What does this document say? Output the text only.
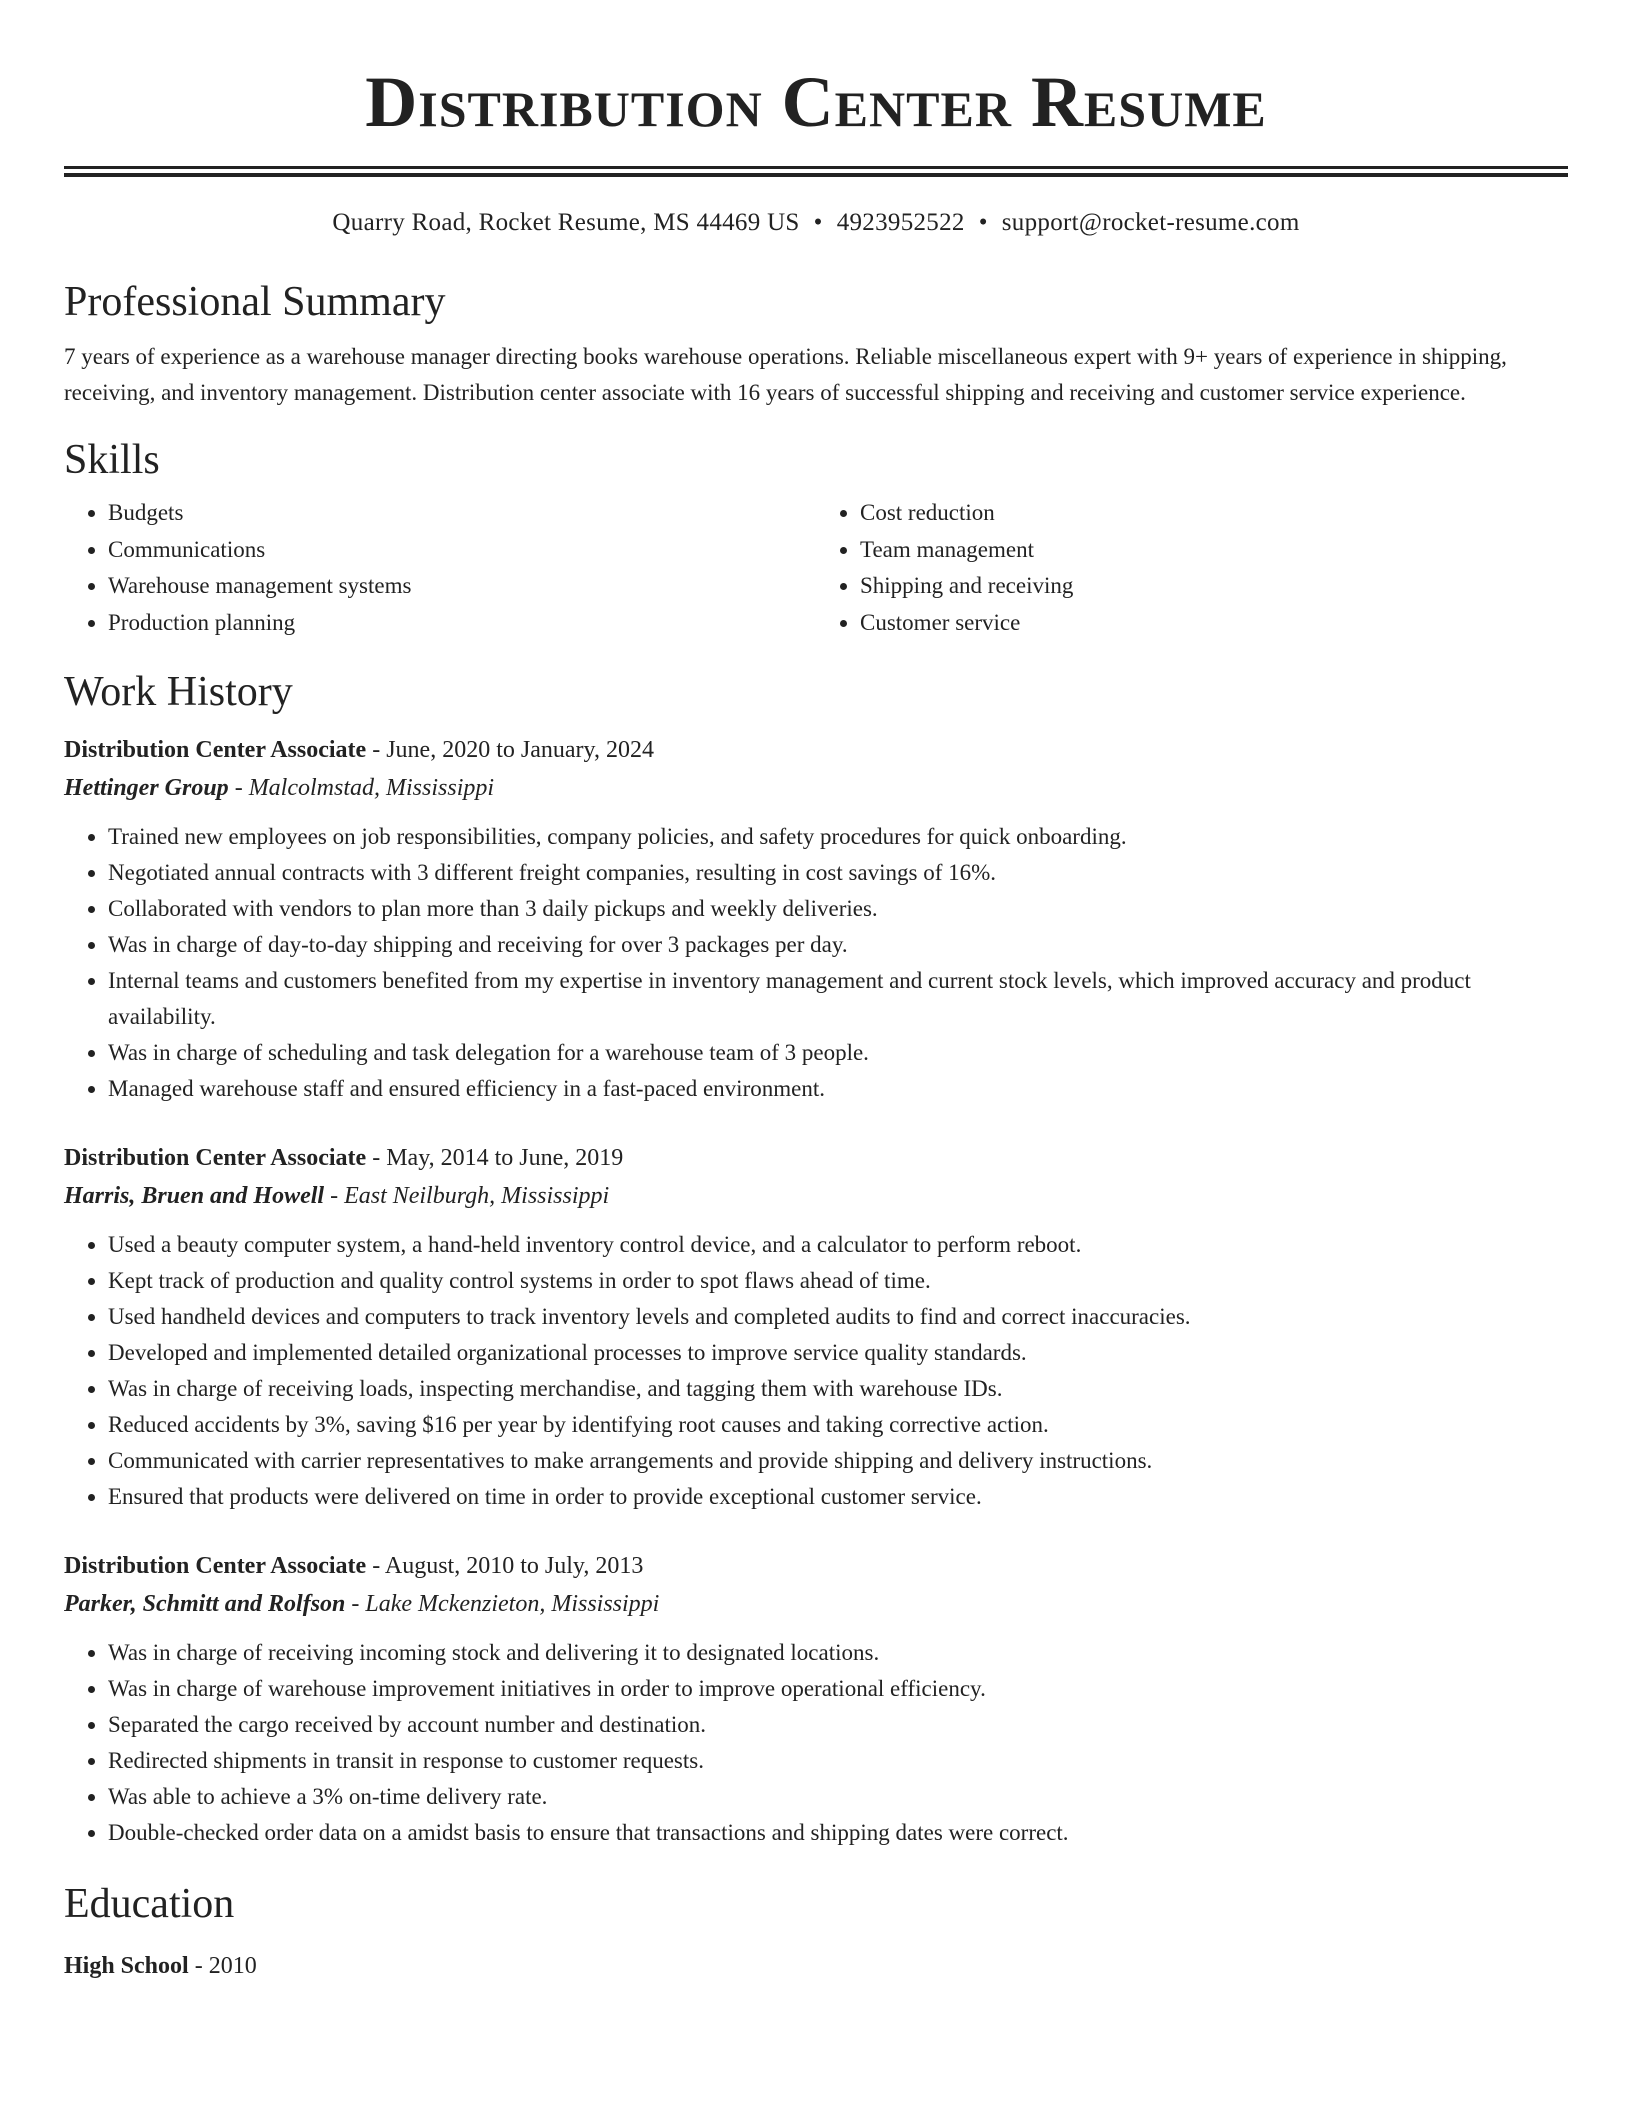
Distribution Center Resume
Quarry Road, Rocket Resume, MS 44469 US • 4923952522 • support@rocket-resume.com
Professional Summary

7 years of experience as a warehouse manager directing books warehouse operations. Reliable miscellaneous expert with 9+ years of experience in shipping, receiving, and inventory management. Distribution center associate with 16 years of successful shipping and receiving and customer service experience.

Skills
• Budgets
• Communications
• Warehouse management systems
• Production planning
• Cost reduction
• Team management
• Shipping and receiving
• Customer service
Work History
Distribution Center Associate - June, 2020 to January, 2024
Hettinger Group - Malcolmstad, Mississippi
• Trained new employees on job responsibilities, company policies, and safety procedures for quick onboarding.
• Negotiated annual contracts with 3 different freight companies, resulting in cost savings of 16%.
• Collaborated with vendors to plan more than 3 daily pickups and weekly deliveries.
• Was in charge of day-to-day shipping and receiving for over 3 packages per day.
• Internal teams and customers benefited from my expertise in inventory management and current stock levels, which improved accuracy and product availability.
• Was in charge of scheduling and task delegation for a warehouse team of 3 people.
• Managed warehouse staff and ensured efficiency in a fast-paced environment.
Distribution Center Associate - May, 2014 to June, 2019
Harris, Bruen and Howell - East Neilburgh, Mississippi
• Used a beauty computer system, a hand-held inventory control device, and a calculator to perform reboot.
• Kept track of production and quality control systems in order to spot flaws ahead of time.
• Used handheld devices and computers to track inventory levels and completed audits to find and correct inaccuracies.
• Developed and implemented detailed organizational processes to improve service quality standards.
• Was in charge of receiving loads, inspecting merchandise, and tagging them with warehouse IDs.
• Reduced accidents by 3%, saving $16 per year by identifying root causes and taking corrective action.
• Communicated with carrier representatives to make arrangements and provide shipping and delivery instructions.
• Ensured that products were delivered on time in order to provide exceptional customer service.
Distribution Center Associate - August, 2010 to July, 2013
Parker, Schmitt and Rolfson - Lake Mckenzieton, Mississippi
• Was in charge of receiving incoming stock and delivering it to designated locations.
• Was in charge of warehouse improvement initiatives in order to improve operational efficiency.
• Separated the cargo received by account number and destination.
• Redirected shipments in transit in response to customer requests.
• Was able to achieve a 3% on-time delivery rate.
• Double-checked order data on a amidst basis to ensure that transactions and shipping dates were correct.
Education
High School - 2010
